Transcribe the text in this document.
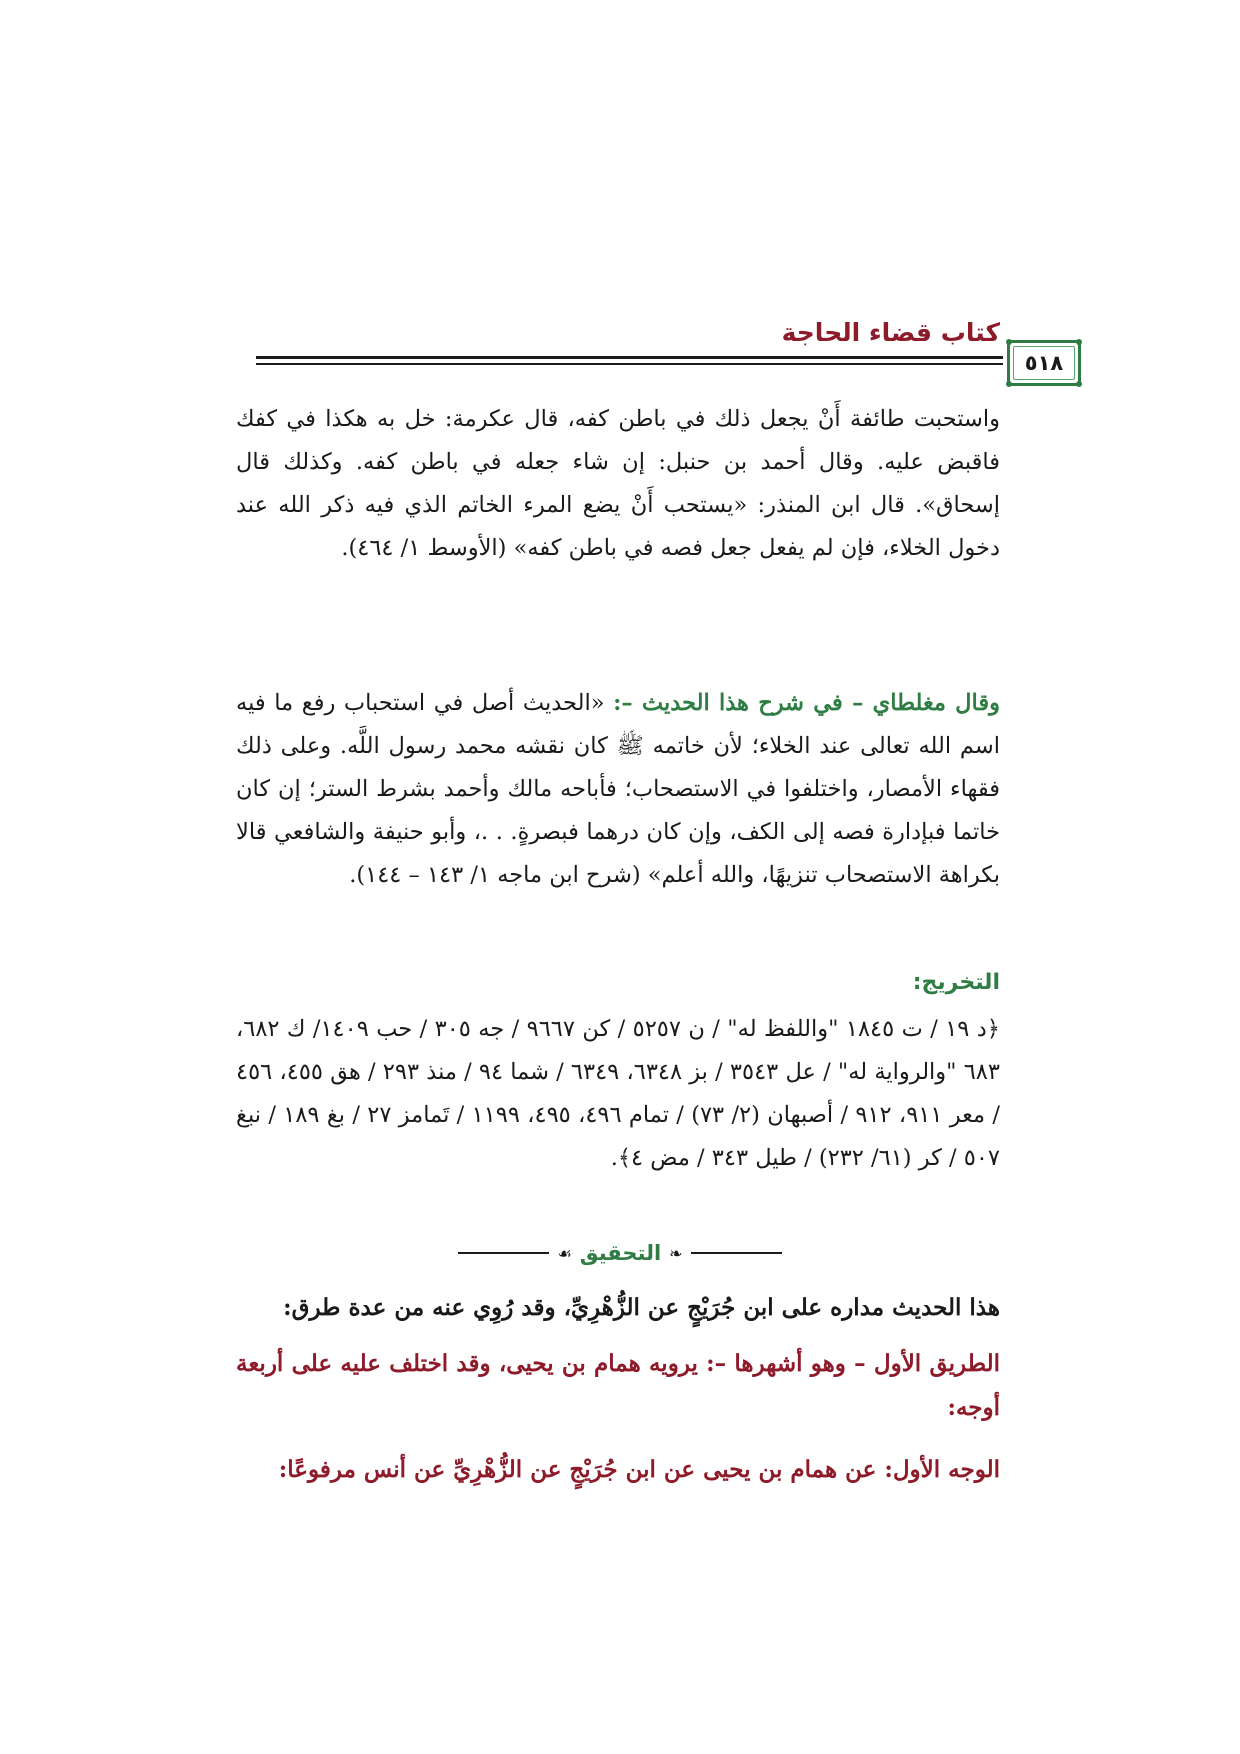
كتاب قضاء الحاجة
٥١٨
واستحبت طائفة أَنْ يجعل ذلك في باطن كفه، قال عكرمة: خل به هكذا في كفك فاقبض عليه. وقال أحمد بن حنبل: إن شاء جعله في باطن كفه. وكذلك قال إسحاق». قال ابن المنذر: «يستحب أَنْ يضع المرء الخاتم الذي فيه ذكر الله عند دخول الخلاء، فإن لم يفعل جعل فصه في باطن كفه» (الأوسط ١/ ٤٦٤).
وقال مغلطاي – في شرح هذا الحديث –: «الحديث أصل في استحباب رفع ما فيه اسم الله تعالى عند الخلاء؛ لأن خاتمه ﷺ كان نقشه محمد رسول اللَّه. وعلى ذلك فقهاء الأمصار، واختلفوا في الاستصحاب؛ فأباحه مالك وأحمد بشرط الستر؛ إن كان خاتما فبإدارة فصه إلى الكف، وإن كان درهما فبصرةٍ. . .، وأبو حنيفة والشافعي قالا بكراهة الاستصحاب تنزيهًا، والله أعلم» (شرح ابن ماجه ١/ ١٤٣ – ١٤٤).
التخريج:
﴿د ١٩ / ت ١٨٤٥ "واللفظ له" / ن ٥٢٥٧ / كن ٩٦٦٧ / جه ٣٠٥ / حب ١٤٠٩/ ك ٦٨٢، ٦٨٣ "والرواية له" / عل ٣٥٤٣ / بز ٦٣٤٨، ٦٣٤٩ / شما ٩٤ / منذ ٢٩٣ / هق ٤٥٥، ٤٥٦ / معر ٩١١، ٩١٢ / أصبهان (٢/ ٧٣) / تمام ٤٩٦، ٤٩٥، ١١٩٩ / تَمامز ٢٧ / بغ ١٨٩ / نبغ ٥٠٧ / كر (٦١/ ٢٣٢) / طيل ٣٤٣ / مض ٤﴾.
❧
التحقيق
☙
هذا الحديث مداره على ابن جُرَيْجٍ عن الزُّهْرِيِّ، وقد رُوِي عنه من عدة طرق:
الطريق الأول – وهو أشهرها –: يرويه همام بن يحيى، وقد اختلف عليه على أربعة أوجه:
الوجه الأول: عن همام بن يحيى عن ابن جُرَيْجٍ عن الزُّهْرِيِّ عن أنس مرفوعًا:
